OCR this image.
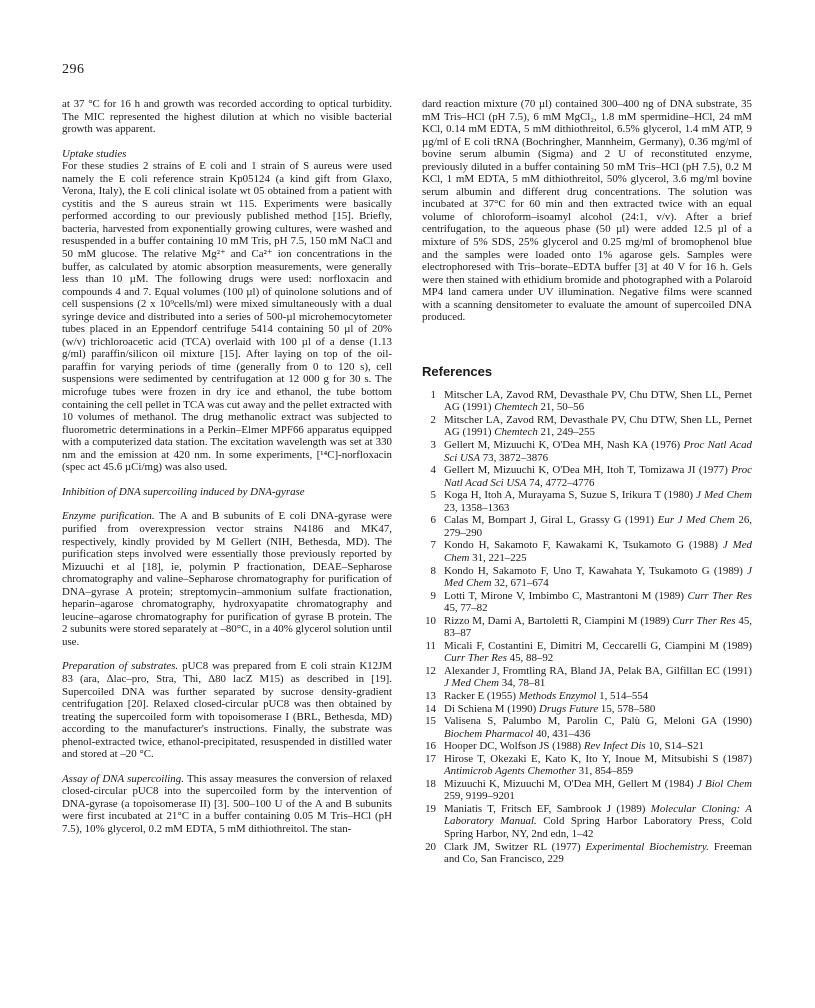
296

at 37 °C for 16 h and growth was recorded according to optical turbidity. The MIC represented the highest dilution at which no visible bacterial growth was apparent.

Uptake studies

For these studies 2 strains of E coli and 1 strain of S aureus were used namely the E coli reference strain Kp05124 (a kind gift from Glaxo, Verona, Italy), the E coli clinical isolate wt 05 obtained from a patient with cystitis and the S aureus strain wt 115. Experiments were basically performed according to our previously published method [15]. Briefly, bacteria, harvested from exponentially growing cultures, were washed and resuspended in a buffer containing 10 mM Tris, pH 7.5, 150 mM NaCl and 50 mM glucose. The relative Mg²⁺ and Ca²⁺ ion concentrations in the buffer, as calculated by atomic absorption measurements, were generally less than 10 µM. The following drugs were used: norfloxacin and compounds 4 and 7. Equal volumes (100 µl) of quinolone solutions and of cell suspensions (2 x 10⁹cells/ml) were mixed simultaneously with a dual syringe device and distributed into a series of 500-µl microhemocytometer tubes placed in an Eppendorf centrifuge 5414 containing 50 µl of 20% (w/v) trichloroacetic acid (TCA) overlaid with 100 µl of a dense (1.13 g/ml) paraffin/silicon oil mixture [15]. After laying on top of the oil-paraffin for varying periods of time (generally from 0 to 120 s), cell suspensions were sedimented by centrifugation at 12 000 g for 30 s. The microfuge tubes were frozen in dry ice and ethanol, the tube bottom containing the cell pellet in TCA was cut away and the pellet extracted with 10 volumes of methanol. The drug methanolic extract was subjected to fluorometric determinations in a Perkin–Elmer MPF66 apparatus equipped with a computerized data station. The excitation wavelength was set at 330 nm and the emission at 420 nm. In some experiments, [¹⁴C]-norfloxacin (spec act 45.6 µCi/mg) was also used.

Inhibition of DNA supercoiling induced by DNA-gyrase

Enzyme purification. The A and B subunits of E coli DNA-gyrase were purified from overexpression vector strains N4186 and MK47, respectively, kindly provided by M Gellert (NIH, Bethesda, MD). The purification steps involved were essentially those previously reported by Mizuuchi et al [18], ie, polymin P fractionation, DEAE–Sepharose chromatography and valine–Sepharose chromatography for purification of DNA–gyrase A protein; streptomycin–ammonium sulfate fractionation, heparin–agarose chromatography, hydroxyapatite chromatography and leucine–agarose chromatography for purification of gyrase B protein. The 2 subunits were stored separately at –80°C, in a 40% glycerol solution until use.

Preparation of substrates. pUC8 was prepared from E coli strain K12JM 83 (ara, Δlac–pro, Stra, Thi, Δ80 lacZ M15) as described in [19]. Supercoiled DNA was further separated by sucrose density-gradient centrifugation [20]. Relaxed closed-circular pUC8 was then obtained by treating the supercoiled form with topoisomerase I (BRL, Bethesda, MD) according to the manufacturer's instructions. Finally, the substrate was phenol-extracted twice, ethanol-precipitated, resuspended in distilled water and stored at –20 °C.

Assay of DNA supercoiling. This assay measures the conversion of relaxed closed-circular pUC8 into the supercoiled form by the intervention of DNA-gyrase (a topoisomerase II) [3]. 500–100 U of the A and B subunits were first incubated at 21°C in a buffer containing 0.05 M Tris–HCl (pH 7.5), 10% glycerol, 0.2 mM EDTA, 5 mM dithiothreitol. The stan-

dard reaction mixture (70 µl) contained 300–400 ng of DNA substrate, 35 mM Tris–HCl (pH 7.5), 6 mM MgCl₂, 1.8 mM spermidine–HCl, 24 mM KCl, 0.14 mM EDTA, 5 mM dithiothreitol, 6.5% glycerol, 1.4 mM ATP, 9 µg/ml of E coli tRNA (Bochringher, Mannheim, Germany), 0.36 mg/ml of bovine serum albumin (Sigma) and 2 U of reconstituted enzyme, previously diluted in a buffer containing 50 mM Tris–HCl (pH 7.5), 0.2 M KCl, 1 mM EDTA, 5 mM dithiothreitol, 50% glycerol, 3.6 mg/ml bovine serum albumin and different drug concentrations. The solution was incubated at 37°C for 60 min and then extracted twice with an equal volume of chloroform–isoamyl alcohol (24:1, v/v). After a brief centrifugation, to the aqueous phase (50 µl) were added 12.5 µl of a mixture of 5% SDS, 25% glycerol and 0.25 mg/ml of bromophenol blue and the samples were loaded onto 1% agarose gels. Samples were electrophoresed with Tris–borate–EDTA buffer [3] at 40 V for 16 h. Gels were then stained with ethidium bromide and photographed with a Polaroid MP4 land camera under UV illumination. Negative films were scanned with a scanning densitometer to evaluate the amount of supercoiled DNA produced.

References

1 Mitscher LA, Zavod RM, Devasthale PV, Chu DTW, Shen LL, Pernet AG (1991) Chemtech 21, 50–56
2 Mitscher LA, Zavod RM, Devasthale PV, Chu DTW, Shen LL, Pernet AG (1991) Chemtech 21, 249–255
3 Gellert M, Mizuuchi K, O'Dea MH, Nash KA (1976) Proc Natl Acad Sci USA 73, 3872–3876
4 Gellert M, Mizuuchi K, O'Dea MH, Itoh T, Tomizawa JI (1977) Proc Natl Acad Sci USA 74, 4772–4776
5 Koga H, Itoh A, Murayama S, Suzue S, Irikura T (1980) J Med Chem 23, 1358–1363
6 Calas M, Bompart J, Giral L, Grassy G (1991) Eur J Med Chem 26, 279–290
7 Kondo H, Sakamoto F, Kawakami K, Tsukamoto G (1988) J Med Chem 31, 221–225
8 Kondo H, Sakamoto F, Uno T, Kawahata Y, Tsukamoto G (1989) J Med Chem 32, 671–674
9 Lotti T, Mirone V, Imbimbo C, Mastrantoni M (1989) Curr Ther Res 45, 77–82
10 Rizzo M, Dami A, Bartoletti R, Ciampini M (1989) Curr Ther Res 45, 83–87
11 Micali F, Costantini E, Dimitri M, Ceccarelli G, Ciampini M (1989) Curr Ther Res 45, 88–92
12 Alexander J, Fromtling RA, Bland JA, Pelak BA, Gilfillan EC (1991) J Med Chem 34, 78–81
13 Racker E (1955) Methods Enzymol 1, 514–554
14 Di Schiena M (1990) Drugs Future 15, 578–580
15 Valisena S, Palumbo M, Parolin C, Palù G, Meloni GA (1990) Biochem Pharmacol 40, 431–436
16 Hooper DC, Wolfson JS (1988) Rev Infect Dis 10, S14–S21
17 Hirose T, Okezaki E, Kato K, Ito Y, Inoue M, Mitsubishi S (1987) Antimicrob Agents Chemother 31, 854–859
18 Mizuuchi K, Mizuuchi M, O'Dea MH, Gellert M (1984) J Biol Chem 259, 9199–9201
19 Maniatis T, Fritsch EF, Sambrook J (1989) Molecular Cloning: A Laboratory Manual. Cold Spring Harbor Laboratory Press, Cold Spring Harbor, NY, 2nd edn, 1–42
20 Clark JM, Switzer RL (1977) Experimental Biochemistry. Freeman and Co, San Francisco, 229
